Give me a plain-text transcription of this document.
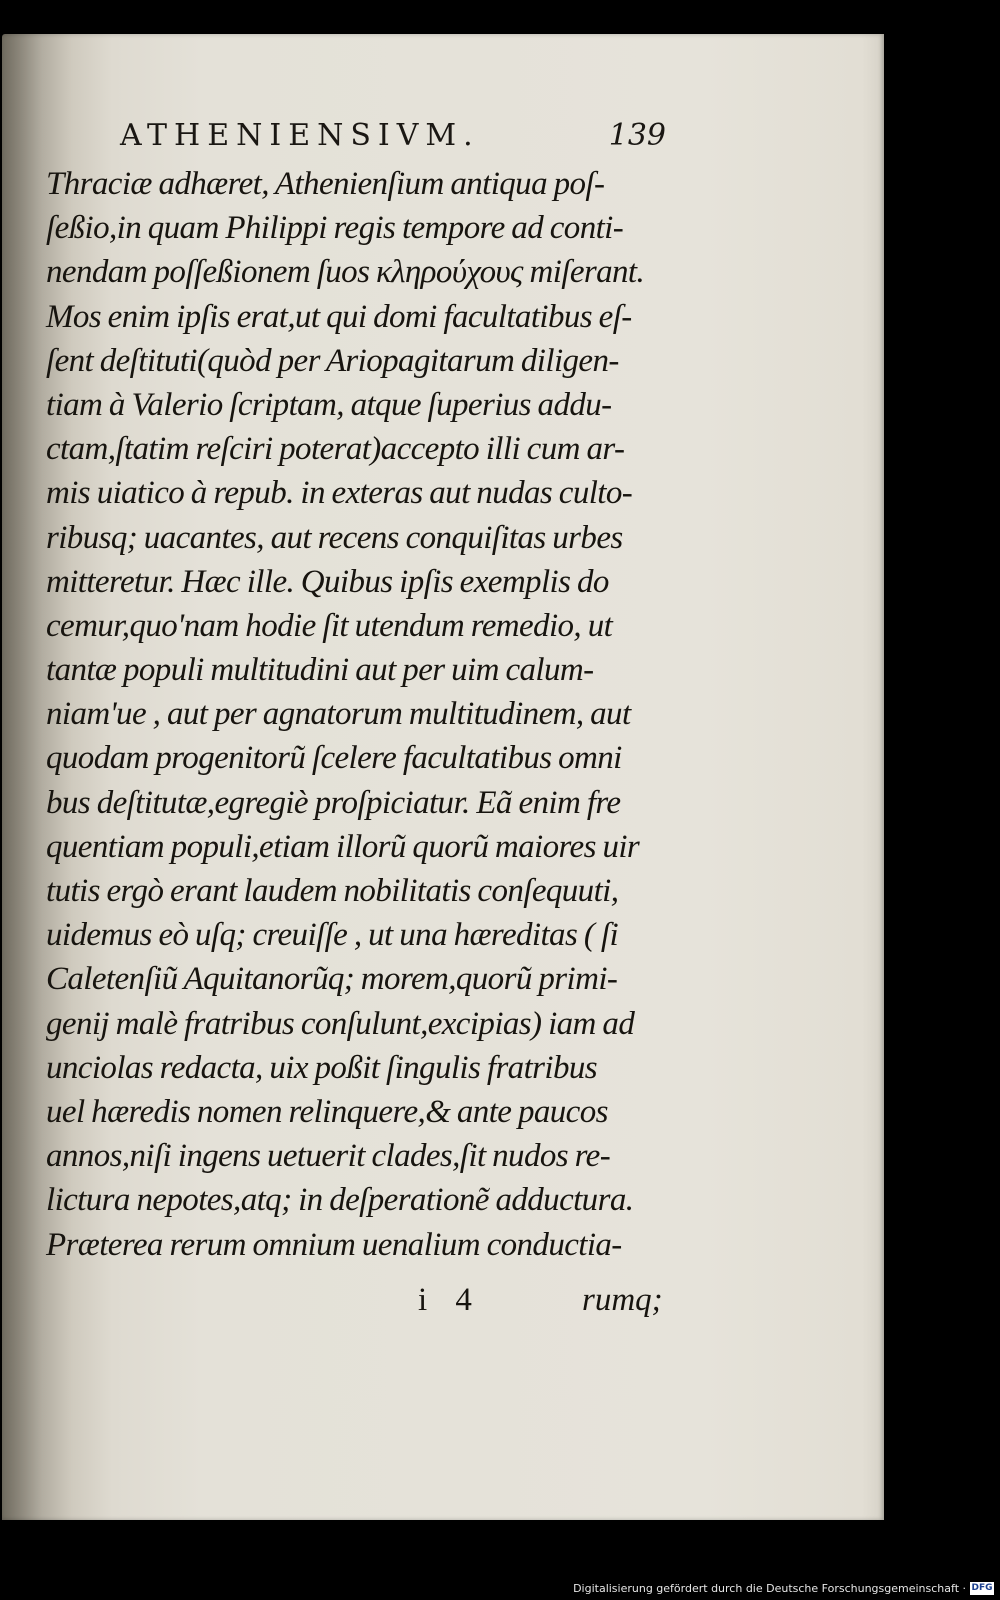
ATHENIENSIVM.	139
Thraciæ adhæret, Athenienſium antiqua poſ-
ſeßio,in quam Philippi regis tempore ad conti-
nendam poſſeßionem ſuos κληρούχους miſerant.
Mos enim ipſis erat,ut qui domi facultatibus eſ-
ſent deſtituti(quòd per Ariopagitarum diligen-
tiam à Valerio ſcriptam, atque ſuperius addu-
ctam,ſtatim reſciri poterat)accepto illi cum ar-
mis uiatico à repub. in exteras aut nudas culto-
ribusq; uacantes, aut recens conquiſitas urbes
mitteretur. Hæc ille. Quibus ipſis exemplis do
cemur,quo'nam hodie ſit utendum remedio, ut
tantæ populi multitudini aut per uim calum-
niam'ue , aut per agnatorum multitudinem, aut
quodam progenitorũ ſcelere facultatibus omni
bus deſtitutæ,egregiè proſpiciatur. Eã enim fre
quentiam populi,etiam illorũ quorũ maiores uir
tutis ergò erant laudem nobilitatis conſequuti,
uidemus eò uſq; creuiſſe , ut una hæreditas ( ſi
Caletenſiũ Aquitanorũq; morem,quorũ primi-
genij malè fratribus conſulunt,excipias) iam ad
unciolas redacta, uix poßit ſingulis fratribus
uel hæredis nomen relinquere,& ante paucos
annos,niſi ingens uetuerit clades,ſit nudos re-
lictura nepotes,atq; in deſperationẽ adductura.
Præterea rerum omnium uenalium conductia-
i 4	rumq;
Digitalisierung gefördert durch die Deutsche Forschungsgemeinschaft · DFG
